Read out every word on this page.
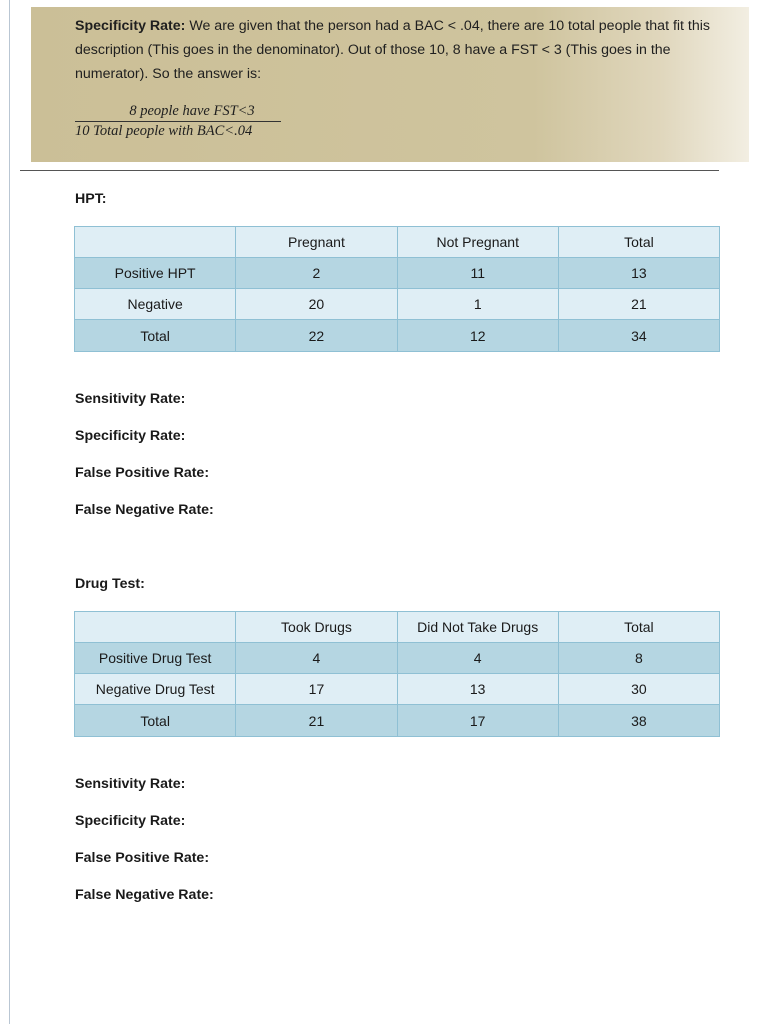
Specificity Rate: We are given that the person had a BAC < .04, there are 10 total people that fit this description (This goes in the denominator). Out of those 10, 8 have a FST < 3 (This goes in the numerator). So the answer is:
8 people have FST<3
10 Total people with BAC<.04
HPT:
	Pregnant	Not Pregnant	Total
Positive HPT	2	11	13
Negative	20	1	21
Total	22	12	34
Sensitivity Rate:
Specificity Rate:
False Positive Rate:
False Negative Rate:
Drug Test:
	Took Drugs	Did Not Take Drugs	Total
Positive Drug Test	4	4	8
Negative Drug Test	17	13	30
Total	21	17	38
Sensitivity Rate:
Specificity Rate:
False Positive Rate:
False Negative Rate:
